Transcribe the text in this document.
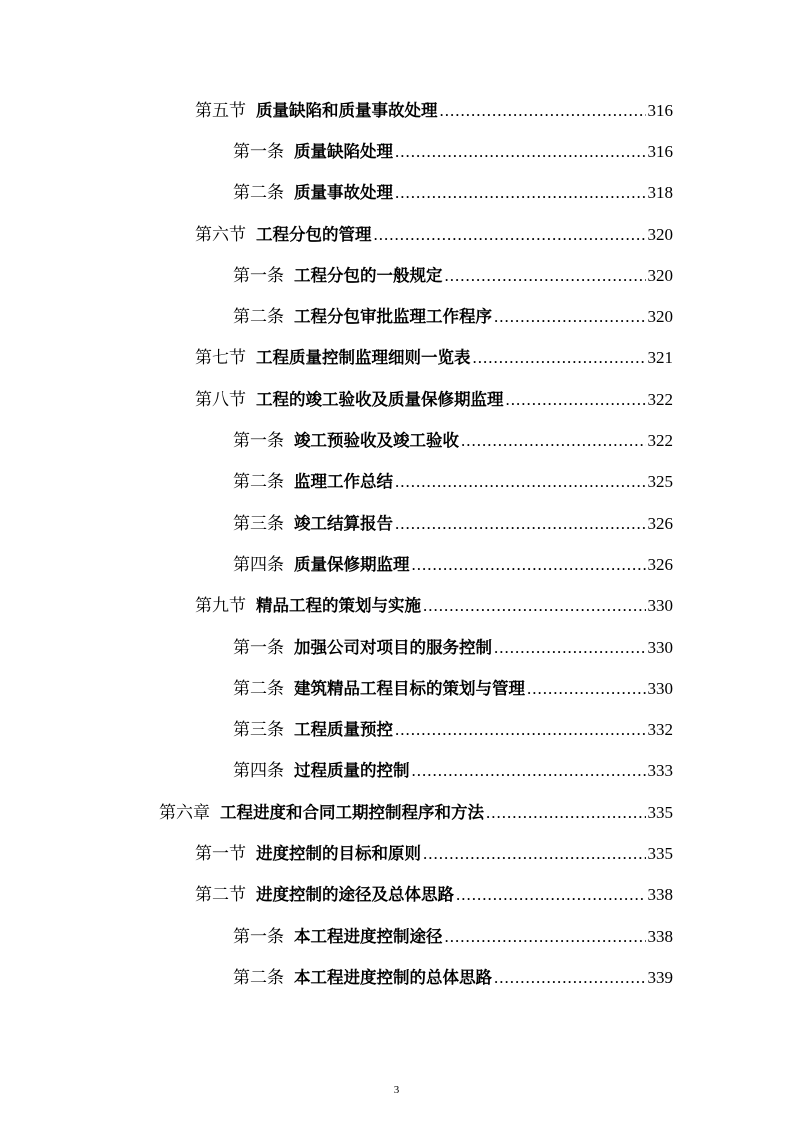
第五节 质量缺陷和质量事故处理 .....	316
第一条 质量缺陷处理 .....	316
第二条 质量事故处理 .....	318
第六节 工程分包的管理 .....	320
第一条 工程分包的一般规定 .....	320
第二条 工程分包审批监理工作程序 .....	320
第七节 工程质量控制监理细则一览表 .....	321
第八节 工程的竣工验收及质量保修期监理 .....	322
第一条 竣工预验收及竣工验收 .....	322
第二条 监理工作总结 .....	325
第三条 竣工结算报告 .....	326
第四条 质量保修期监理 .....	326
第九节 精品工程的策划与实施 .....	330
第一条 加强公司对项目的服务控制 .....	330
第二条 建筑精品工程目标的策划与管理 .....	330
第三条 工程质量预控 .....	332
第四条 过程质量的控制 .....	333
第六章 工程进度和合同工期控制程序和方法 .....	335
第一节 进度控制的目标和原则 .....	335
第二节 进度控制的途径及总体思路 .....	338
第一条 本工程进度控制途径 .....	338
第二条 本工程进度控制的总体思路 .....	339
3
